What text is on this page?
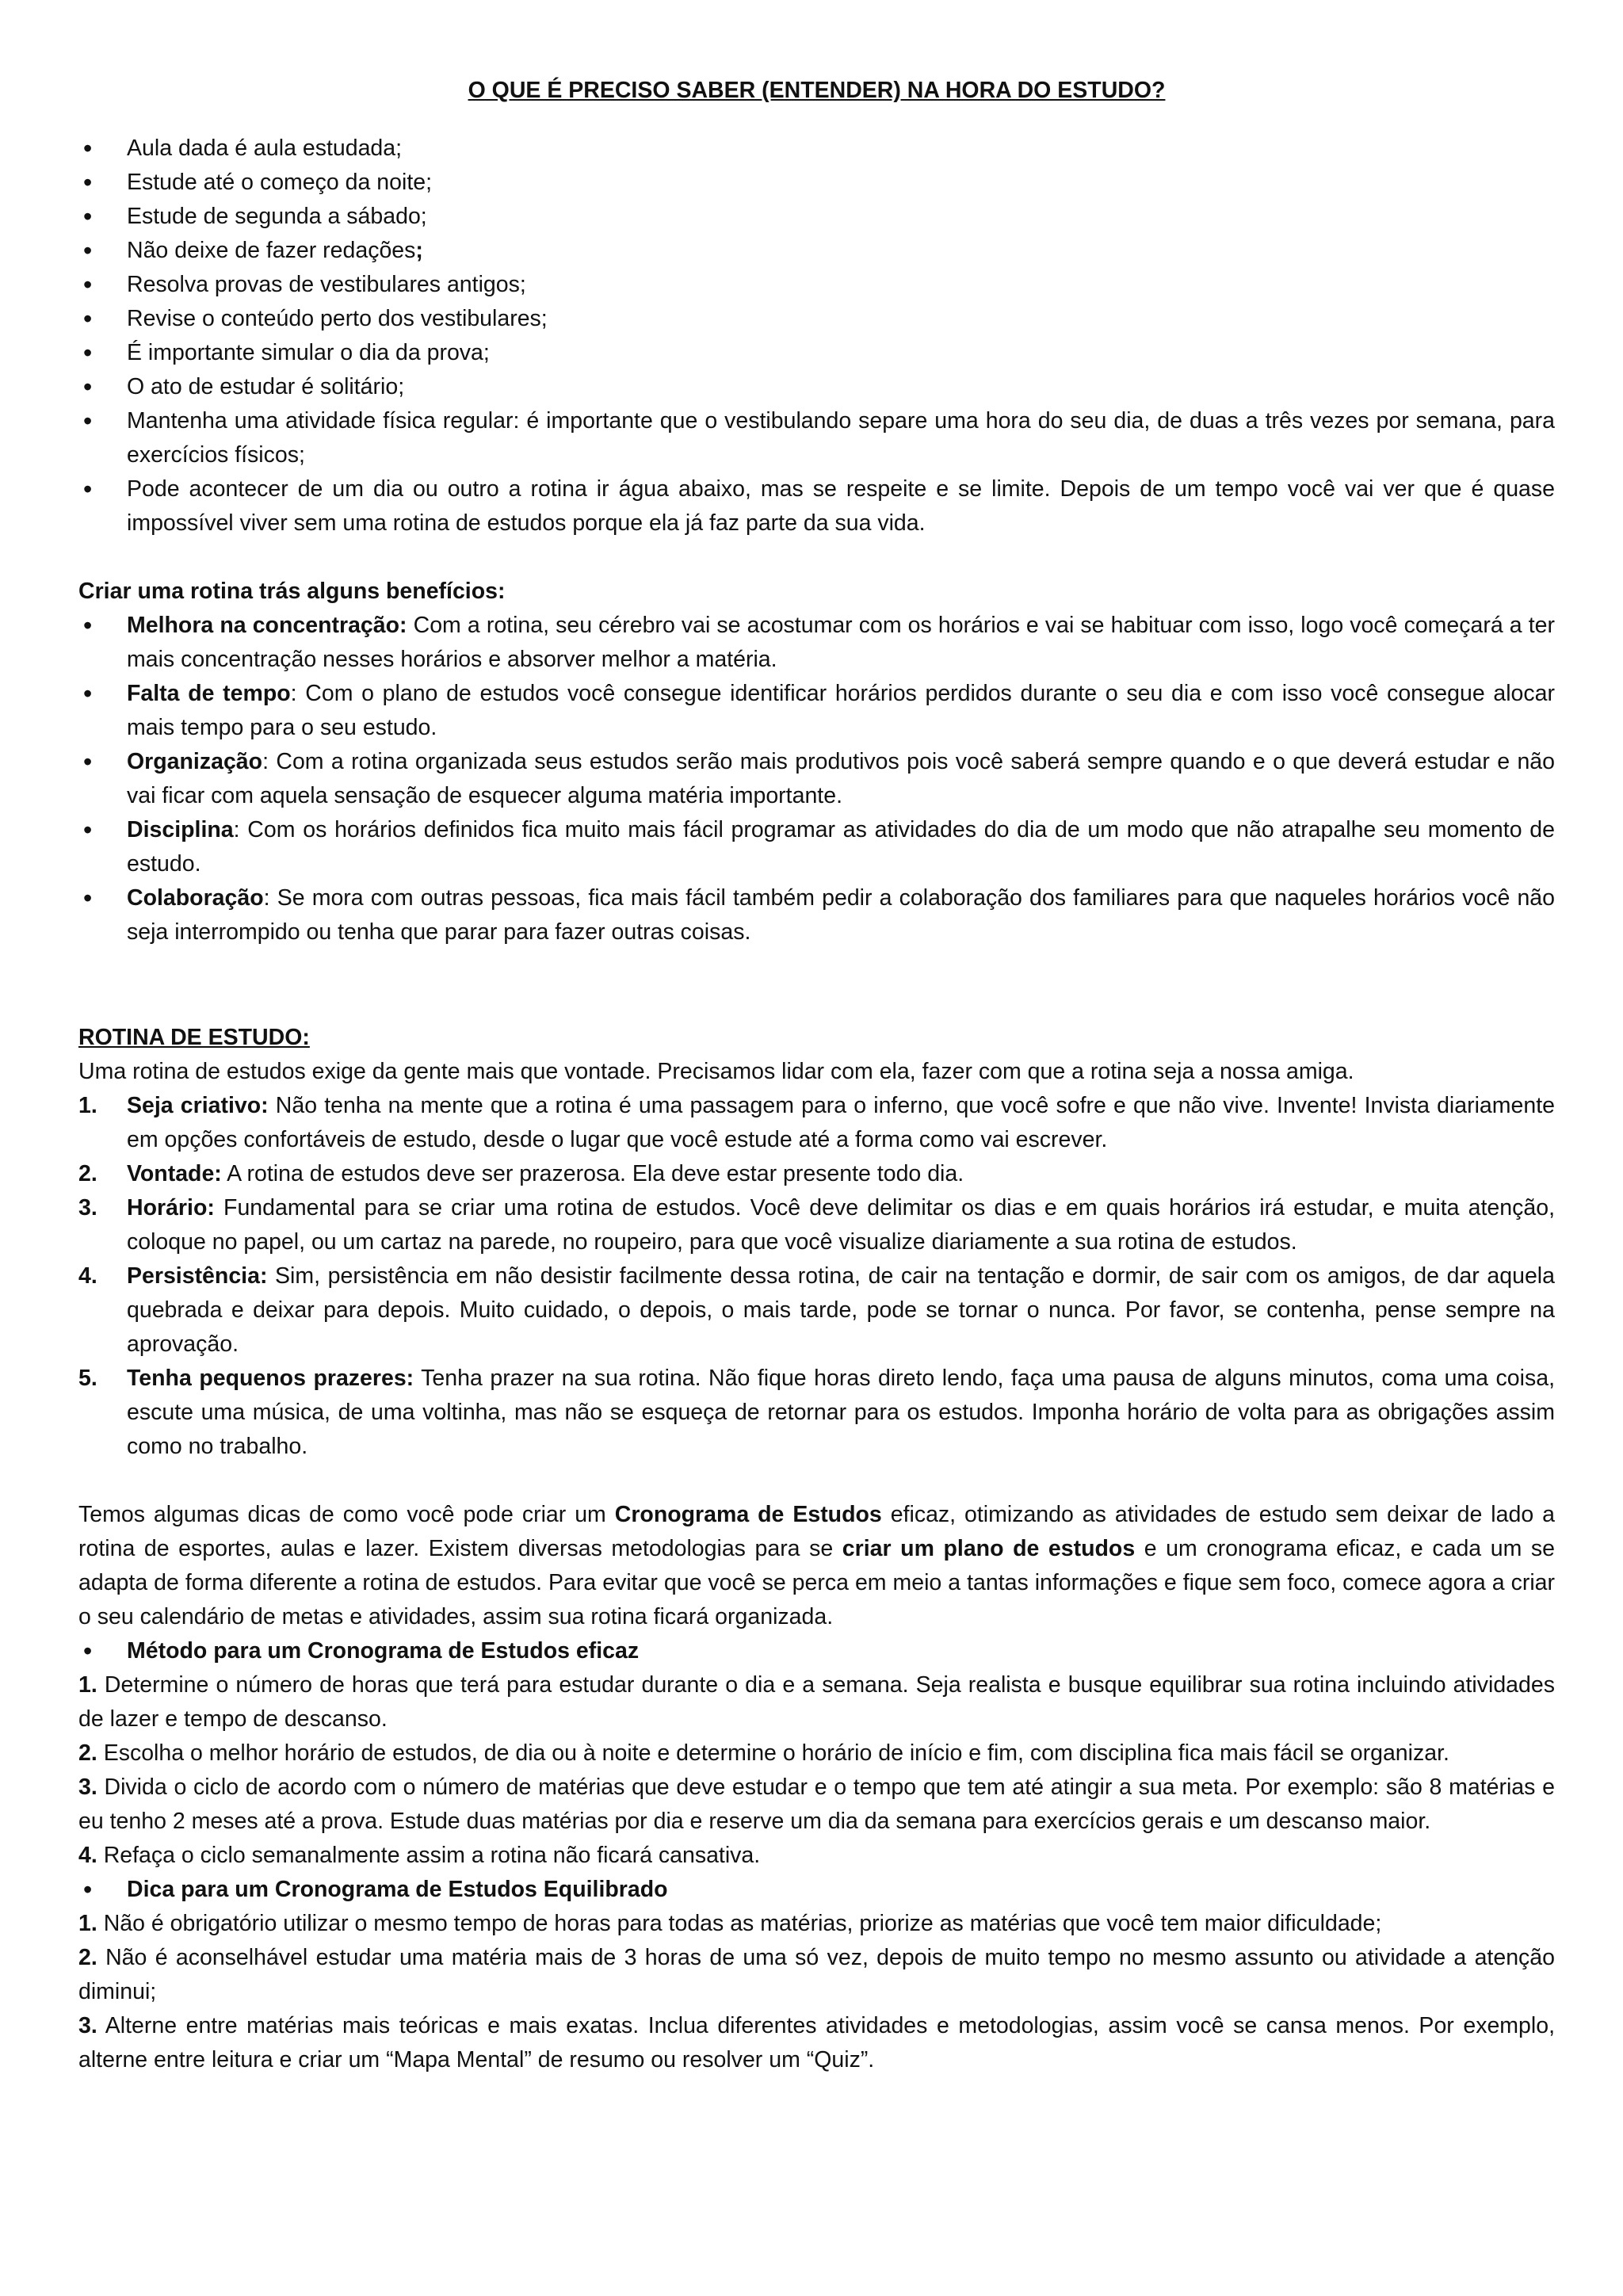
O QUE É PRECISO SABER (ENTENDER) NA HORA DO ESTUDO?
• Aula dada é aula estudada;
• Estude até o começo da noite;
• Estude de segunda a sábado;
• Não deixe de fazer redações;
• Resolva provas de vestibulares antigos;
• Revise o conteúdo perto dos vestibulares;
• É importante simular o dia da prova;
• O ato de estudar é solitário;
• Mantenha uma atividade física regular: é importante que o vestibulando separe uma hora do seu dia, de duas a três vezes por semana, para exercícios físicos;
• Pode acontecer de um dia ou outro a rotina ir água abaixo, mas se respeite e se limite. Depois de um tempo você vai ver que é quase impossível viver sem uma rotina de estudos porque ela já faz parte da sua vida.
Criar uma rotina trás alguns benefícios:
• Melhora na concentração: Com a rotina, seu cérebro vai se acostumar com os horários e vai se habituar com isso, logo você começará a ter mais concentração nesses horários e absorver melhor a matéria.
• Falta de tempo: Com o plano de estudos você consegue identificar horários perdidos durante o seu dia e com isso você consegue alocar mais tempo para o seu estudo.
• Organização: Com a rotina organizada seus estudos serão mais produtivos pois você saberá sempre quando e o que deverá estudar e não vai ficar com aquela sensação de esquecer alguma matéria importante.
• Disciplina: Com os horários definidos fica muito mais fácil programar as atividades do dia de um modo que não atrapalhe seu momento de estudo.
• Colaboração: Se mora com outras pessoas, fica mais fácil também pedir a colaboração dos familiares para que naqueles horários você não seja interrompido ou tenha que parar para fazer outras coisas.
ROTINA DE ESTUDO:

Uma rotina de estudos exige da gente mais que vontade. Precisamos lidar com ela, fazer com que a rotina seja a nossa amiga.

1. Seja criativo: Não tenha na mente que a rotina é uma passagem para o inferno, que você sofre e que não vive. Invente! Invista diariamente em opções confortáveis de estudo, desde o lugar que você estude até a forma como vai escrever.
2. Vontade: A rotina de estudos deve ser prazerosa. Ela deve estar presente todo dia.
3. Horário: Fundamental para se criar uma rotina de estudos. Você deve delimitar os dias e em quais horários irá estudar, e muita atenção, coloque no papel, ou um cartaz na parede, no roupeiro, para que você visualize diariamente a sua rotina de estudos.
4. Persistência: Sim, persistência em não desistir facilmente dessa rotina, de cair na tentação e dormir, de sair com os amigos, de dar aquela quebrada e deixar para depois. Muito cuidado, o depois, o mais tarde, pode se tornar o nunca. Por favor, se contenha, pense sempre na aprovação.
5. Tenha pequenos prazeres: Tenha prazer na sua rotina. Não fique horas direto lendo, faça uma pausa de alguns minutos, coma uma coisa, escute uma música, de uma voltinha, mas não se esqueça de retornar para os estudos. Imponha horário de volta para as obrigações assim como no trabalho.

Temos algumas dicas de como você pode criar um Cronograma de Estudos eficaz, otimizando as atividades de estudo sem deixar de lado a rotina de esportes, aulas e lazer. Existem diversas metodologias para se criar um plano de estudos e um cronograma eficaz, e cada um se adapta de forma diferente a rotina de estudos. Para evitar que você se perca em meio a tantas informações e fique sem foco, comece agora a criar o seu calendário de metas e atividades, assim sua rotina ficará organizada.

• Método para um Cronograma de Estudos eficaz

1. Determine o número de horas que terá para estudar durante o dia e a semana. Seja realista e busque equilibrar sua rotina incluindo atividades de lazer e tempo de descanso.

2. Escolha o melhor horário de estudos, de dia ou à noite e determine o horário de início e fim, com disciplina fica mais fácil se organizar.

3. Divida o ciclo de acordo com o número de matérias que deve estudar e o tempo que tem até atingir a sua meta. Por exemplo: são 8 matérias e eu tenho 2 meses até a prova. Estude duas matérias por dia e reserve um dia da semana para exercícios gerais e um descanso maior.

4. Refaça o ciclo semanalmente assim a rotina não ficará cansativa.

• Dica para um Cronograma de Estudos Equilibrado

1. Não é obrigatório utilizar o mesmo tempo de horas para todas as matérias, priorize as matérias que você tem maior dificuldade;

2. Não é aconselhável estudar uma matéria mais de 3 horas de uma só vez, depois de muito tempo no mesmo assunto ou atividade a atenção diminui;

3. Alterne entre matérias mais teóricas e mais exatas. Inclua diferentes atividades e metodologias, assim você se cansa menos. Por exemplo, alterne entre leitura e criar um “Mapa Mental” de resumo ou resolver um “Quiz”.
